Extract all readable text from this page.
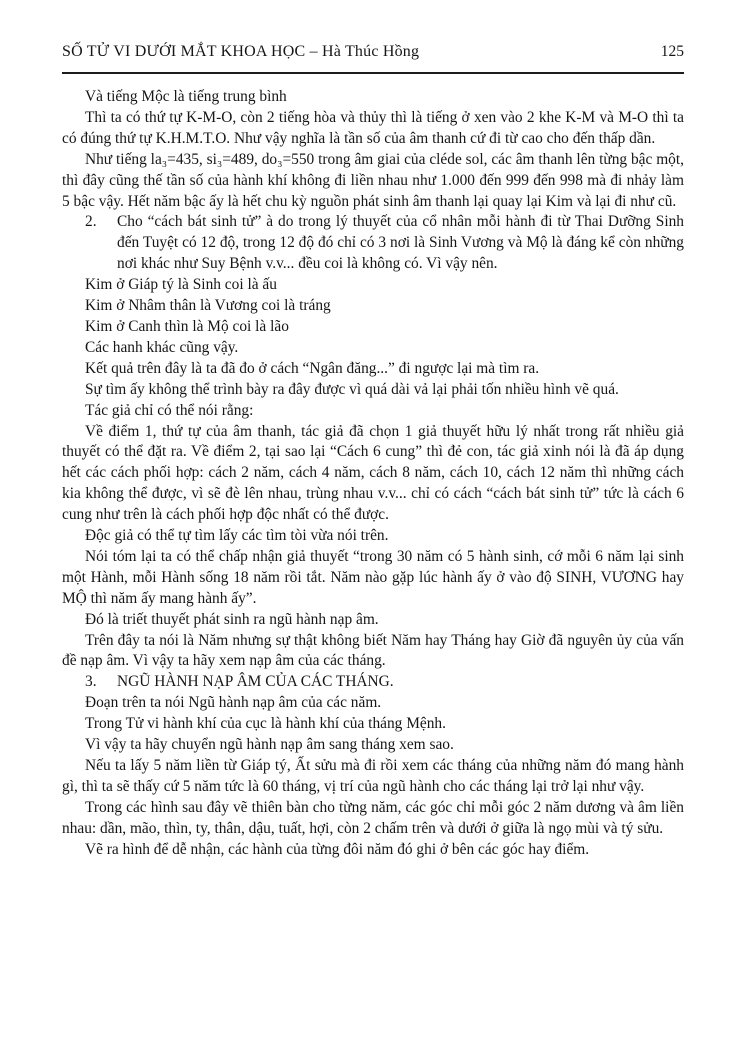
SỐ TỬ VI DƯỚI MẮT KHOA HỌC – Hà Thúc Hồng	125

Và tiếng Mộc là tiếng trung bình

Thì ta có thứ tự K-M-O, còn 2 tiếng hòa và thủy thì là tiếng ở xen vào 2 khe K-M và M-O thì ta có đúng thứ tự K.H.M.T.O. Như vậy nghĩa là tần số của âm thanh cứ đi từ cao cho đến thấp dần.

Như tiếng la₃=435, si₃=489, do₃=550 trong âm giai của cléde sol, các âm thanh lên từng bậc một, thì đây cũng thế tần số của hành khí không đi liền nhau như 1.000 đến 999 đến 998 mà đi nhảy làm 5 bậc vậy. Hết năm bậc ấy là hết chu kỳ nguồn phát sinh âm thanh lại quay lại Kim và lại đi như cũ.

2. Cho “cách bát sinh tử” à do trong lý thuyết của cổ nhân mỗi hành đi từ Thai Dưỡng Sinh đến Tuyệt có 12 độ, trong 12 độ đó chỉ có 3 nơi là Sinh Vương và Mộ là đáng kể còn những nơi khác như Suy Bệnh v.v... đều coi là không có. Vì vậy nên.

Kim ở Giáp tý là Sinh coi là ấu

Kim ở Nhâm thân là Vương coi là tráng

Kim ở Canh thìn là Mộ coi là lão

Các hanh khác cũng vậy.

Kết quả trên đây là ta đã đo ở cách “Ngân đăng...” đi ngược lại mà tìm ra.

Sự tìm ấy không thể trình bày ra đây được vì quá dài vả lại phải tốn nhiều hình vẽ quá.

Tác giả chỉ có thể nói rằng:

Về điểm 1, thứ tự của âm thanh, tác giả đã chọn 1 giả thuyết hữu lý nhất trong rất nhiều giả thuyết có thể đặt ra. Về điểm 2, tại sao lại “Cách 6 cung” thì đẻ con, tác giả xinh nói là đã áp dụng hết các cách phối hợp: cách 2 năm, cách 4 năm, cách 8 năm, cách 10, cách 12 năm thì những cách kia không thể được, vì sẽ đè lên nhau, trùng nhau v.v... chỉ có cách “cách bát sinh tử” tức là cách 6 cung như trên là cách phối hợp độc nhất có thể được.

Độc giả có thể tự tìm lấy các tìm tòi vừa nói trên.

Nói tóm lại ta có thể chấp nhận giả thuyết “trong 30 năm có 5 hành sinh, cớ mỗi 6 năm lại sinh một Hành, mỗi Hành sống 18 năm rồi tắt. Năm nào gặp lúc hành ấy ở vào độ SINH, VƯƠNG hay MỘ thì năm ấy mang hành ấy”.

Đó là triết thuyết phát sinh ra ngũ hành nạp âm.

Trên đây ta nói là Năm nhưng sự thật không biết Năm hay Tháng hay Giờ đã nguyên ủy của vấn đề nạp âm. Vì vậy ta hãy xem nạp âm của các tháng.

3. NGŨ HÀNH NẠP ÂM CỦA CÁC THÁNG.

Đoạn trên ta nói Ngũ hành nạp âm của các năm.

Trong Tử vi hành khí của cục là hành khí của tháng Mệnh.

Vì vậy ta hãy chuyển ngũ hành nạp âm sang tháng xem sao.

Nếu ta lấy 5 năm liền từ Giáp tý, Ất sửu mà đi rồi xem các tháng của những năm đó mang hành gì, thì ta sẽ thấy cứ 5 năm tức là 60 tháng, vị trí của ngũ hành cho các tháng lại trở lại như vậy.

Trong các hình sau đây vẽ thiên bàn cho từng năm, các góc chỉ mỗi góc 2 năm dương và âm liền nhau: dần, mão, thìn, ty, thân, dậu, tuất, hợi, còn 2 chấm trên và dưới ở giữa là ngọ mùi và tý sửu.

Vẽ ra hình để dễ nhận, các hành của từng đôi năm đó ghi ở bên các góc hay điểm.
